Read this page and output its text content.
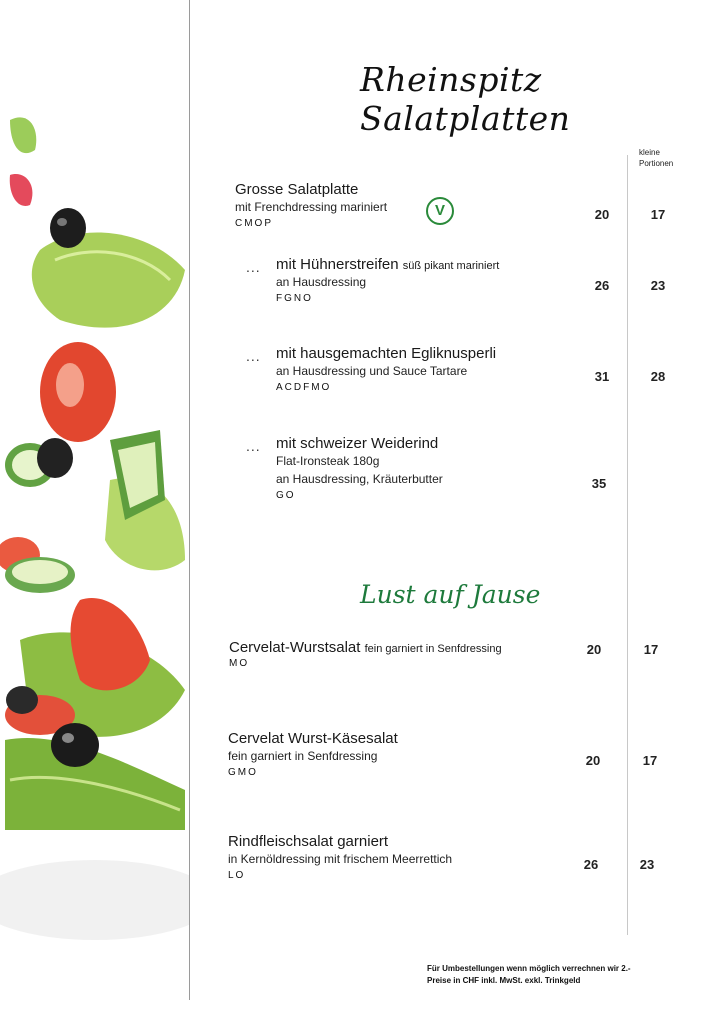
Rheinspitz Salatplatten
kleine
Portionen
Grosse Salatplatte
mit Frenchdressing mariniert
CMOP
V	20	17
... mit Hühnerstreifen süß pikant mariniert
an Hausdressing
FGNO
26	23
... mit hausgemachten Egliknusperli
an Hausdressing und Sauce Tartare
ACDFMO
31	28
... mit schweizer Weiderind
Flat-Ironsteak 180g
an Hausdressing, Kräuterbutter
GO
35
Lust auf Jause
Cervelat-Wurstsalat fein garniert in Senfdressing
MO
20	17
Cervelat Wurst-Käsesalat
fein garniert in Senfdressing
GMO
20	17
Rindfleischsalat garniert
in Kernöldressing mit frischem Meerrettich
LO
26	23
Für Umbestellungen wenn möglich verrechnen wir 2.-
Preise in CHF inkl. MwSt. exkl. Trinkgeld
